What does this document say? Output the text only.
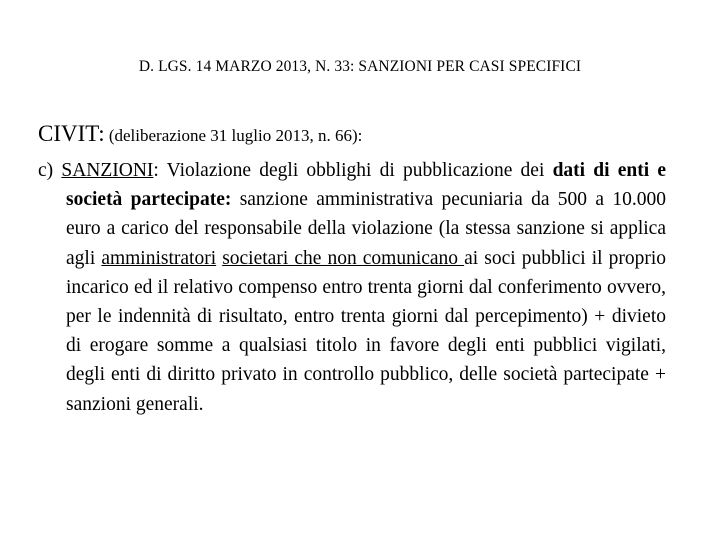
D. LGS. 14 MARZO 2013, N. 33: SANZIONI PER CASI SPECIFICI
CIVIT: (deliberazione 31 luglio 2013, n. 66):
c) SANZIONI: Violazione degli obblighi di pubblicazione dei dati di enti e società partecipate: sanzione amministrativa pecuniaria da 500 a 10.000 euro a carico del responsabile della violazione (la stessa sanzione si applica agli amministratori societari che non comunicano ai soci pubblici il proprio incarico ed il relativo compenso entro trenta giorni dal conferimento ovvero, per le indennità di risultato, entro trenta giorni dal percepimento) + divieto di erogare somme a qualsiasi titolo in favore degli enti pubblici vigilati, degli enti di diritto privato in controllo pubblico, delle società partecipate + sanzioni generali.
